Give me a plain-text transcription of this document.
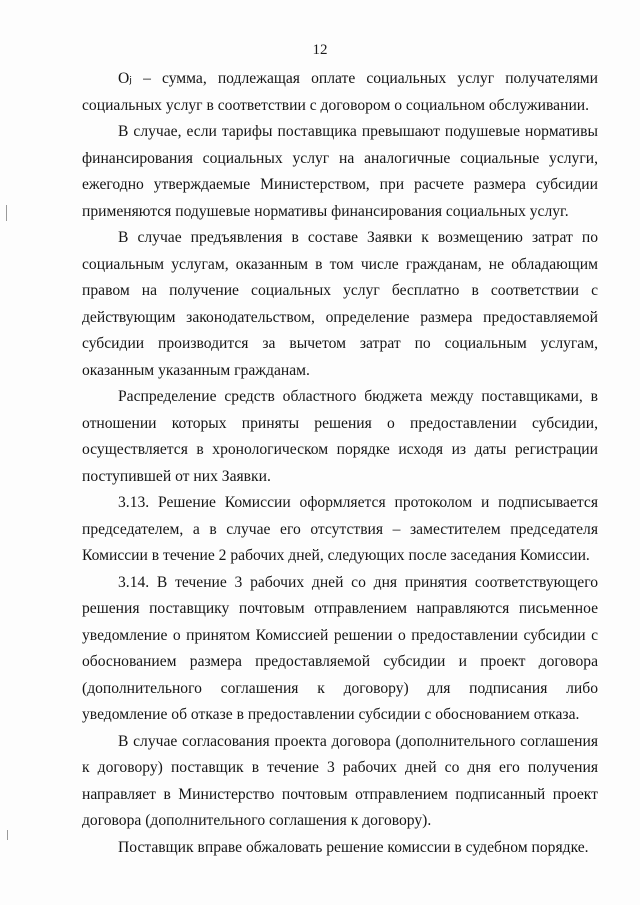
12

Oⱼ – сумма, подлежащая оплате социальных услуг получателями социальных услуг в соответствии с договором о социальном обслуживании.

В случае, если тарифы поставщика превышают подушевые нормативы финансирования социальных услуг на аналогичные социальные услуги, ежегодно утверждаемые Министерством, при расчете размера субсидии применяются подушевые нормативы финансирования социальных услуг.

В случае предъявления в составе Заявки к возмещению затрат по социальным услугам, оказанным в том числе гражданам, не обладающим правом на получение социальных услуг бесплатно в соответствии с действующим законодательством, определение размера предоставляемой субсидии производится за вычетом затрат по социальным услугам, оказанным указанным гражданам.

Распределение средств областного бюджета между поставщиками, в отношении которых приняты решения о предоставлении субсидии, осуществляется в хронологическом порядке исходя из даты регистрации поступившей от них Заявки.

3.13. Решение Комиссии оформляется протоколом и подписывается председателем, а в случае его отсутствия – заместителем председателя Комиссии в течение 2 рабочих дней, следующих после заседания Комиссии.

3.14. В течение 3 рабочих дней со дня принятия соответствующего решения поставщику почтовым отправлением направляются письменное уведомление о принятом Комиссией решении о предоставлении субсидии с обоснованием размера предоставляемой субсидии и проект договора (дополнительного соглашения к договору) для подписания либо уведомление об отказе в предоставлении субсидии с обоснованием отказа.

В случае согласования проекта договора (дополнительного соглашения к договору) поставщик в течение 3 рабочих дней со дня его получения направляет в Министерство почтовым отправлением подписанный проект договора (дополнительного соглашения к договору).

Поставщик вправе обжаловать решение комиссии в судебном порядке.
